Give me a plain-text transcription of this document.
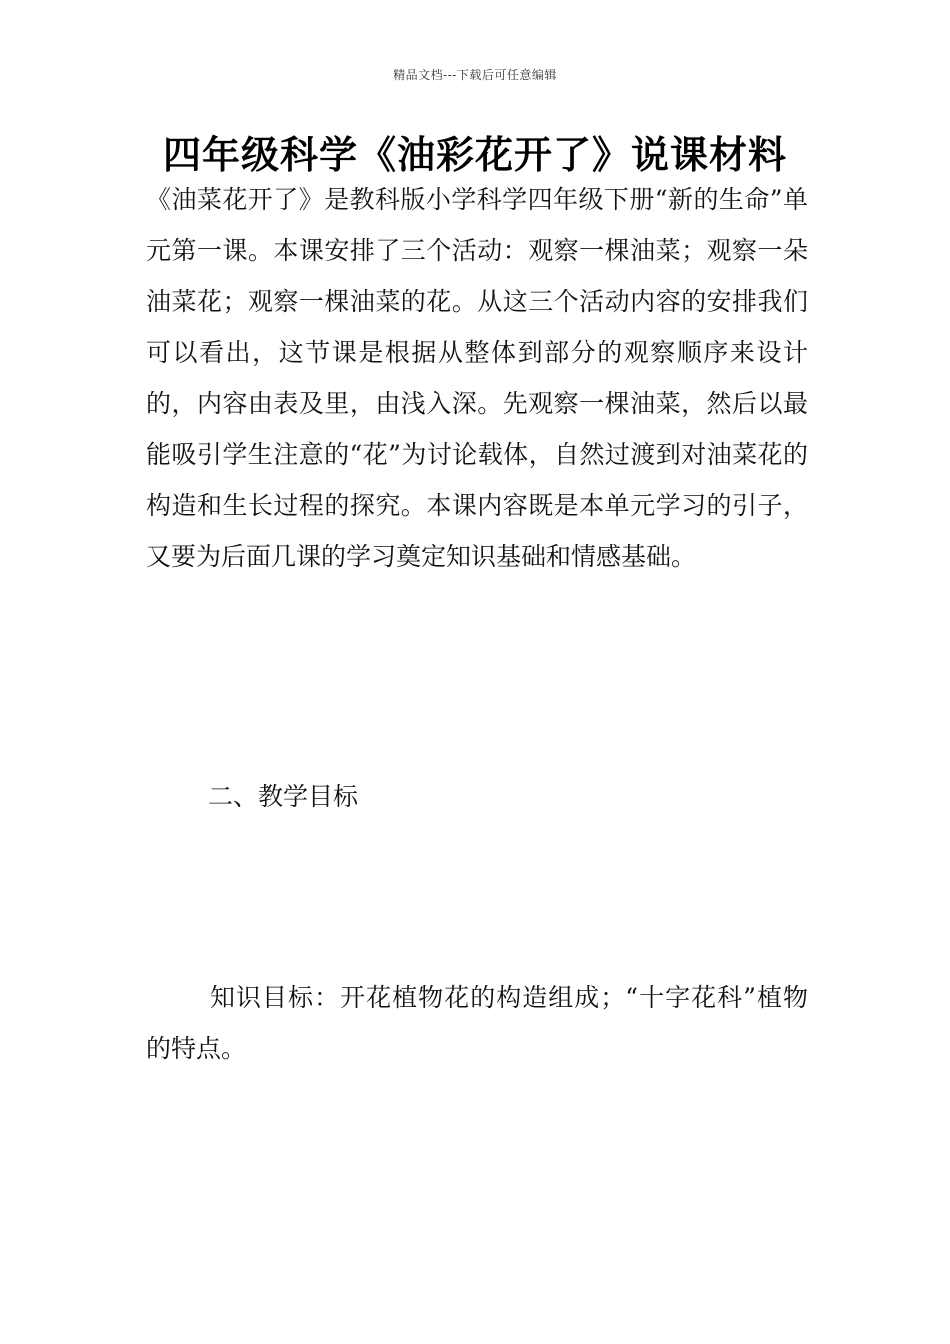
精品文档---下载后可任意编辑
四年级科学《油彩花开了》说课材料

《油菜花开了》是教科版小学科学四年级下册“新的生命”单元第一课。本课安排了三个活动：观察一棵油菜；观察一朵油菜花；观察一棵油菜的花。从这三个活动内容的安排我们可以看出，这节课是根据从整体到部分的观察顺序来设计的，内容由表及里，由浅入深。先观察一棵油菜，然后以最能吸引学生注意的“花”为讨论载体，自然过渡到对油菜花的构造和生长过程的探究。本课内容既是本单元学习的引子，又要为后面几课的学习奠定知识基础和情感基础。

二、教学目标

知识目标：开花植物花的构造组成；“十字花科”植物的特点。
